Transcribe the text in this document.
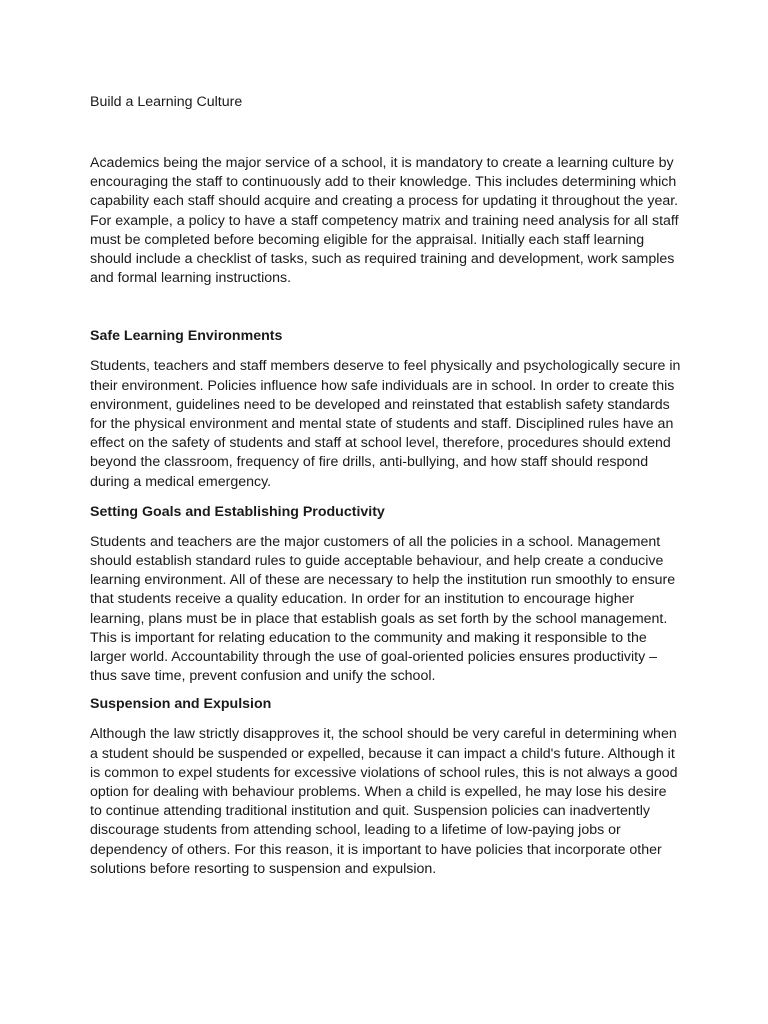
Build a Learning Culture

Academics being the major service of a school, it is mandatory to create a learning culture by encouraging the staff to continuously add to their knowledge. This includes determining which capability each staff should acquire and creating a process for updating it throughout the year. For example, a policy to have a staff competency matrix and training need analysis for all staff must be completed before becoming eligible for the appraisal. Initially each staff learning should include a checklist of tasks, such as required training and development, work samples and formal learning instructions.

Safe Learning Environments

Students, teachers and staff members deserve to feel physically and psychologically secure in their environment. Policies influence how safe individuals are in school. In order to create this environment, guidelines need to be developed and reinstated that establish safety standards for the physical environment and mental state of students and staff. Disciplined rules have an effect on the safety of students and staff at school level, therefore, procedures should extend beyond the classroom, frequency of fire drills, anti-bullying, and how staff should respond during a medical emergency.

Setting Goals and Establishing Productivity

Students and teachers are the major customers of all the policies in a school. Management should establish standard rules to guide acceptable behaviour, and help create a conducive learning environment. All of these are necessary to help the institution run smoothly to ensure that students receive a quality education. In order for an institution to encourage higher learning, plans must be in place that establish goals as set forth by the school management. This is important for relating education to the community and making it responsible to the larger world. Accountability through the use of goal-oriented policies ensures productivity – thus save time, prevent confusion and unify the school.

Suspension and Expulsion

Although the law strictly disapproves it, the school should be very careful in determining when a student should be suspended or expelled, because it can impact a child's future. Although it is common to expel students for excessive violations of school rules, this is not always a good option for dealing with behaviour problems. When a child is expelled, he may lose his desire to continue attending traditional institution and quit. Suspension policies can inadvertently discourage students from attending school, leading to a lifetime of low-paying jobs or dependency of others. For this reason, it is important to have policies that incorporate other solutions before resorting to suspension and expulsion.
